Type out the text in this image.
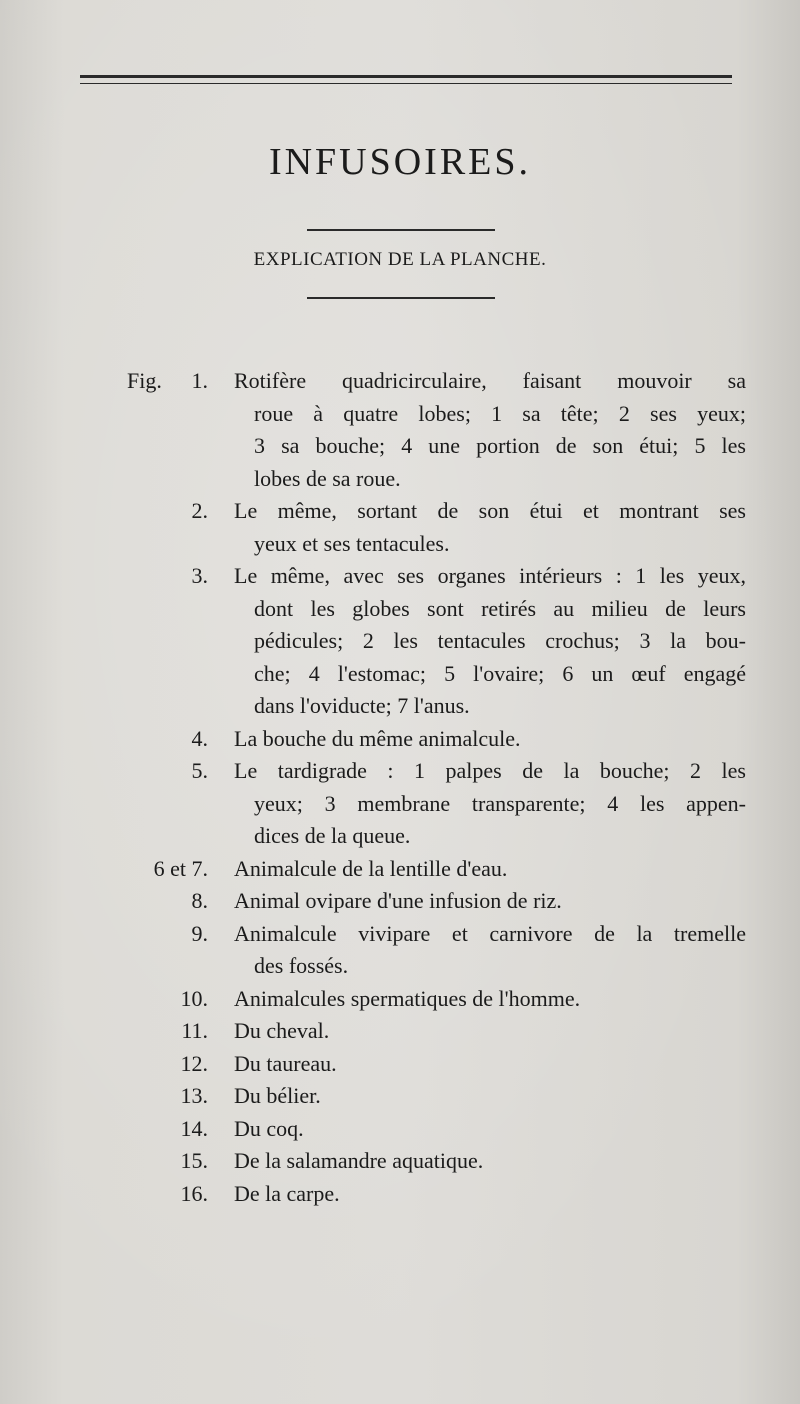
INFUSOIRES.
EXPLICATION DE LA PLANCHE.
Fig. 1. Rotifère quadricirculaire, faisant mouvoir sa
roue à quatre lobes; 1 sa tête; 2 ses yeux;
3 sa bouche; 4 une portion de son étui; 5 les
lobes de sa roue.
2. Le même, sortant de son étui et montrant ses
yeux et ses tentacules.
3. Le même, avec ses organes intérieurs : 1 les yeux,
dont les globes sont retirés au milieu de leurs
pédicules; 2 les tentacules crochus; 3 la bou-
che; 4 l'estomac; 5 l'ovaire; 6 un œuf engagé
dans l'oviducte; 7 l'anus.
4. La bouche du même animalcule.
5. Le tardigrade : 1 palpes de la bouche; 2 les
yeux; 3 membrane transparente; 4 les appen-
dices de la queue.
6 et 7. Animalcule de la lentille d'eau.
8. Animal ovipare d'une infusion de riz.
9. Animalcule vivipare et carnivore de la tremelle
des fossés.
10. Animalcules spermatiques de l'homme.
11. Du cheval.
12. Du taureau.
13. Du bélier.
14. Du coq.
15. De la salamandre aquatique.
16. De la carpe.
